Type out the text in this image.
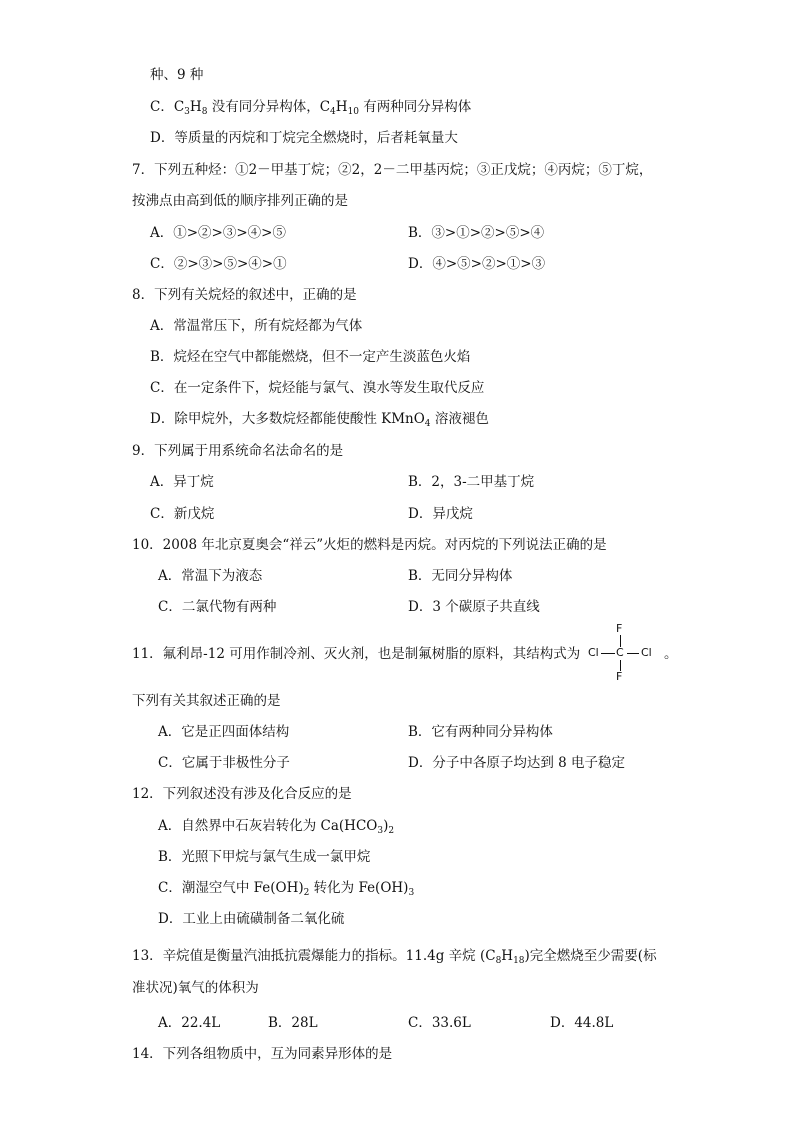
种、9 种
C．$C_3H_8$ 没有同分异构体，$C_4H_{10}$ 有两种同分异构体
D．等质量的丙烷和丁烷完全燃烧时，后者耗氧量大
7．下列五种烃：①2－甲基丁烷；②2，2－二甲基丙烷；③正戊烷；④丙烷；⑤丁烷，
按沸点由高到低的顺序排列正确的是
A．①>②>③>④>⑤	B．③>①>②>⑤>④
C．②>③>⑤>④>①	D．④>⑤>②>①>③
8．下列有关烷烃的叙述中，正确的是
A．常温常压下，所有烷烃都为气体
B．烷烃在空气中都能燃烧，但不一定产生淡蓝色火焰
C．在一定条件下，烷烃能与氯气、溴水等发生取代反应
D．除甲烷外，大多数烷烃都能使酸性 KMnO$_4$ 溶液褪色
9．下列属于用系统命名法命名的是
A．异丁烷	B．2，3-二甲基丁烷
C．新戊烷	D．异戊烷
10．2008 年北京夏奥会“祥云”火炬的燃料是丙烷。对丙烷的下列说法正确的是
A．常温下为液态	B．无同分异构体
C．二氯代物有两种	D．3 个碳原子共直线
11．氟利昂-12 可用作制冷剂、灭火剂，也是制氟树脂的原料，其结构式为
F
Cl C Cl
F
。
下列有关其叙述正确的是
A．它是正四面体结构	B．它有两种同分异构体
C．它属于非极性分子	D．分子中各原子均达到 8 电子稳定
12．下列叙述没有涉及化合反应的是
A．自然界中石灰岩转化为 $Ca(HCO_3)_2$
B．光照下甲烷与氯气生成一氯甲烷
C．潮湿空气中 $Fe(OH)_2$ 转化为 $Fe(OH)_3$
D．工业上由硫磺制备二氧化硫
13．辛烷值是衡量汽油抵抗震爆能力的指标。11.4g 辛烷 $(C_8H_{18})$完全燃烧至少需要(标
准状况)氧气的体积为
A．22.4L	B．28L	C．33.6L	D．44.8L
14．下列各组物质中，互为同素异形体的是
